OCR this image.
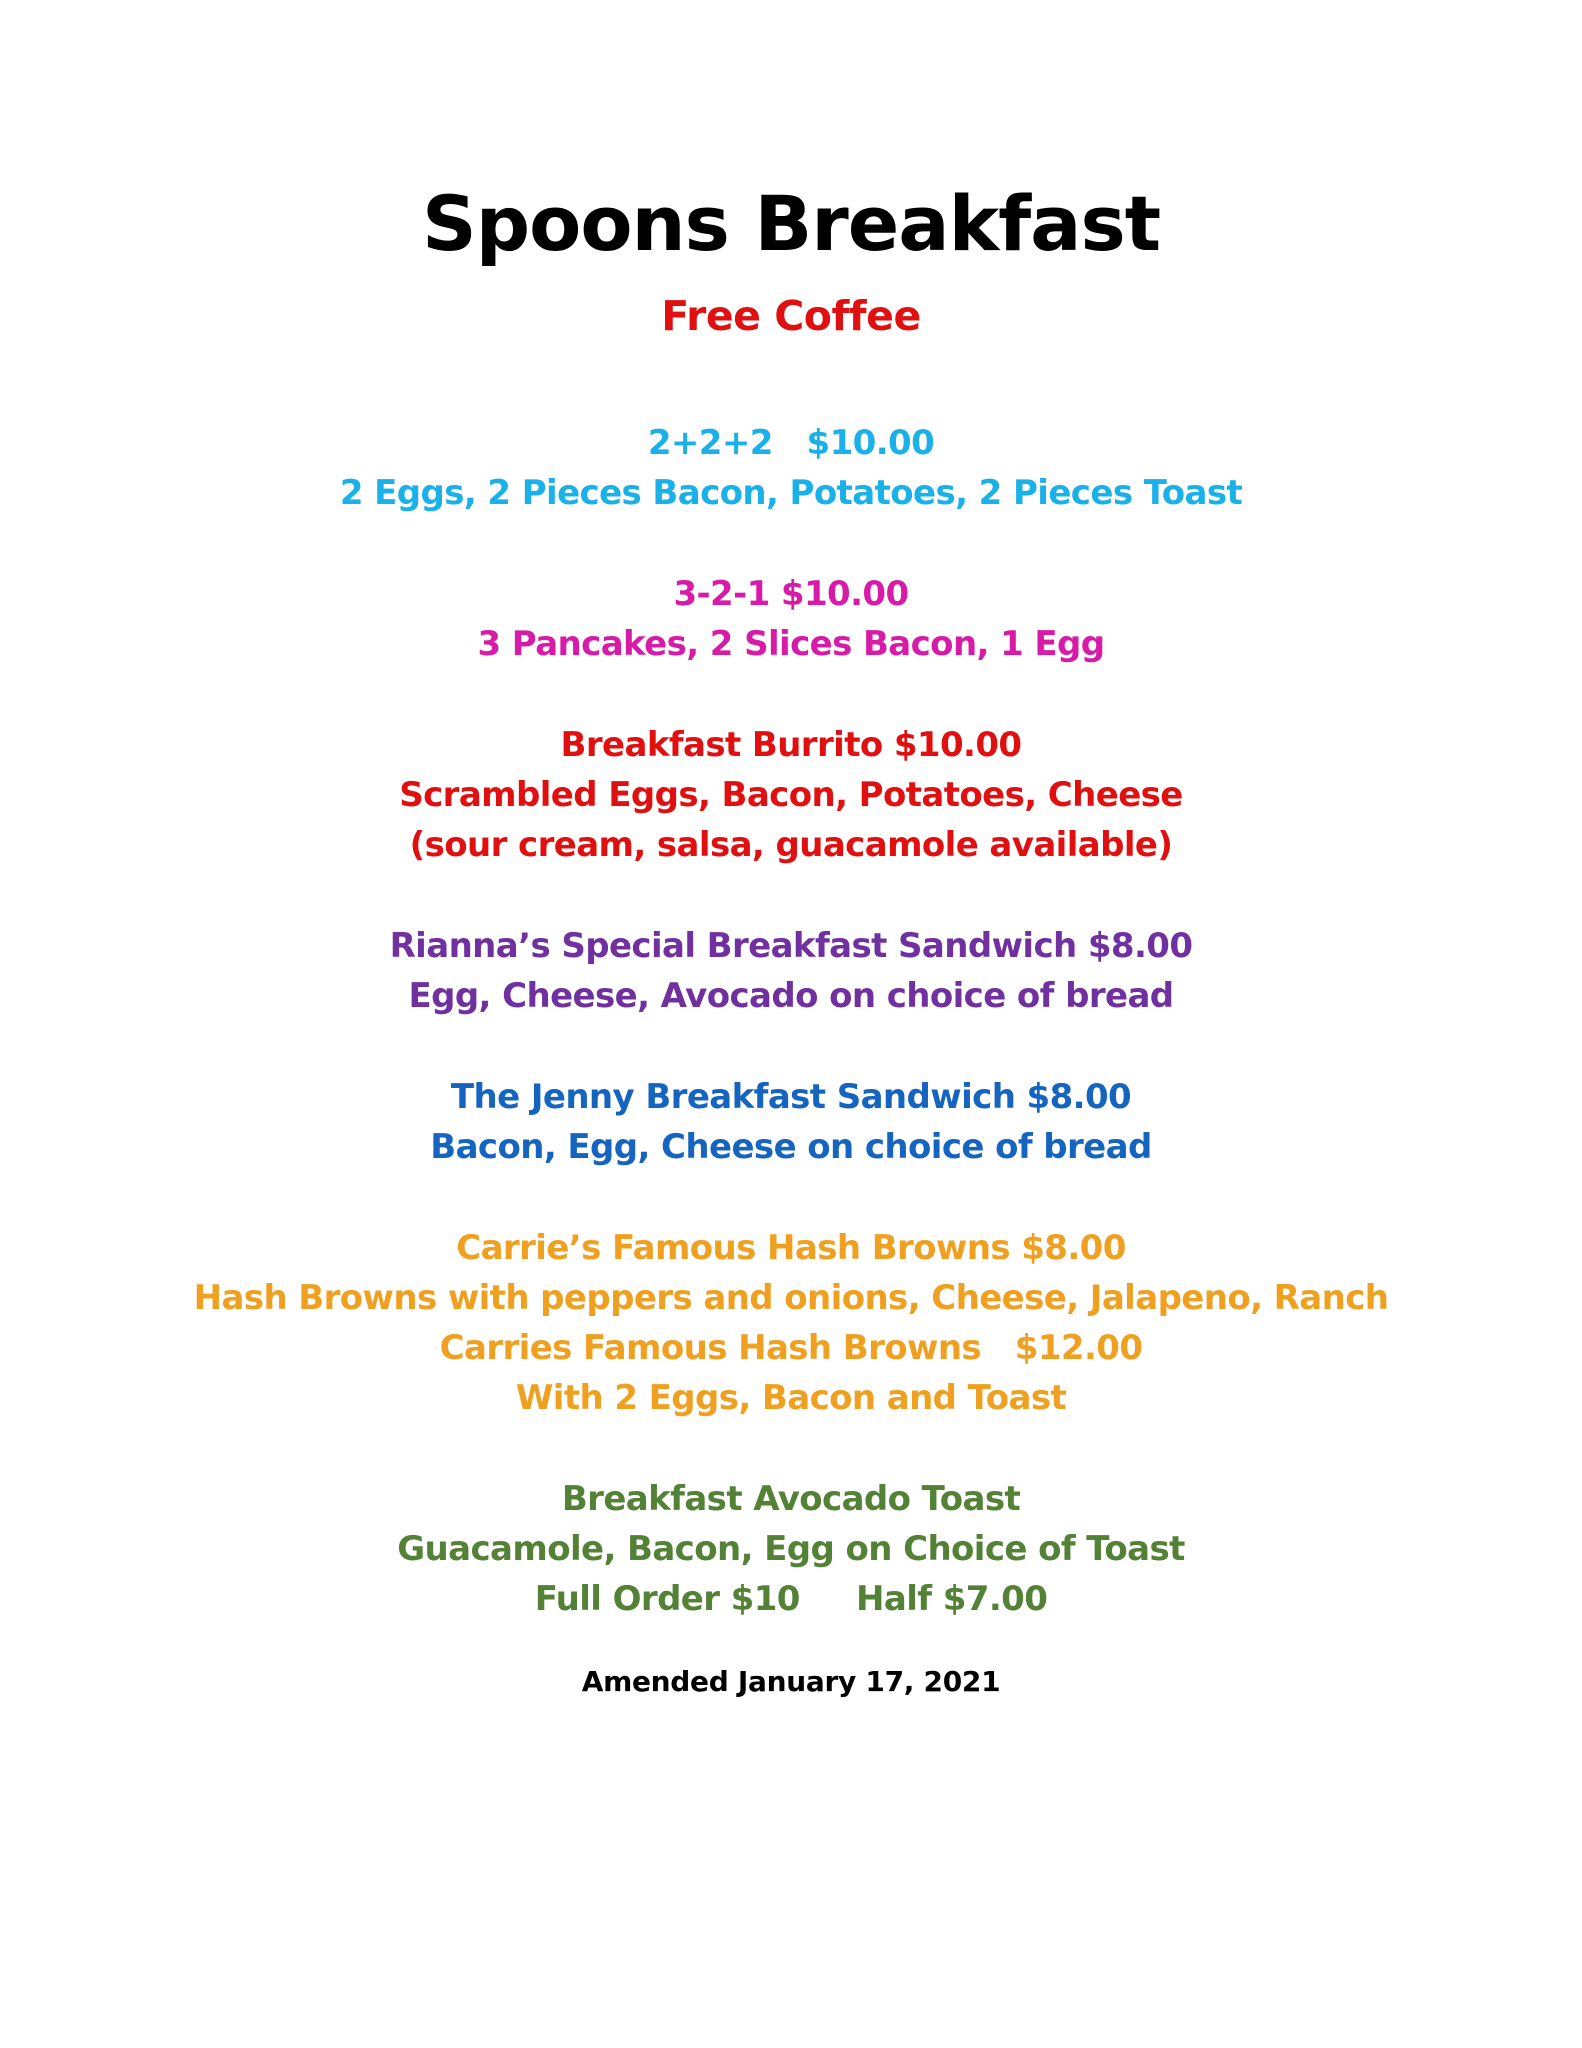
Spoons Breakfast
Free Coffee
2+2+2   $10.00
2 Eggs, 2 Pieces Bacon, Potatoes, 2 Pieces Toast
3-2-1 $10.00
3 Pancakes, 2 Slices Bacon, 1 Egg
Breakfast Burrito $10.00
Scrambled Eggs, Bacon, Potatoes, Cheese
(sour cream, salsa, guacamole available)
Rianna’s Special Breakfast Sandwich $8.00
Egg, Cheese, Avocado on choice of bread
The Jenny Breakfast Sandwich $8.00
Bacon, Egg, Cheese on choice of bread
Carrie’s Famous Hash Browns $8.00
Hash Browns with peppers and onions, Cheese, Jalapeno, Ranch
Carries Famous Hash Browns   $12.00
With 2 Eggs, Bacon and Toast
Breakfast Avocado Toast
Guacamole, Bacon, Egg on Choice of Toast
Full Order $10     Half $7.00
Amended January 17, 2021
